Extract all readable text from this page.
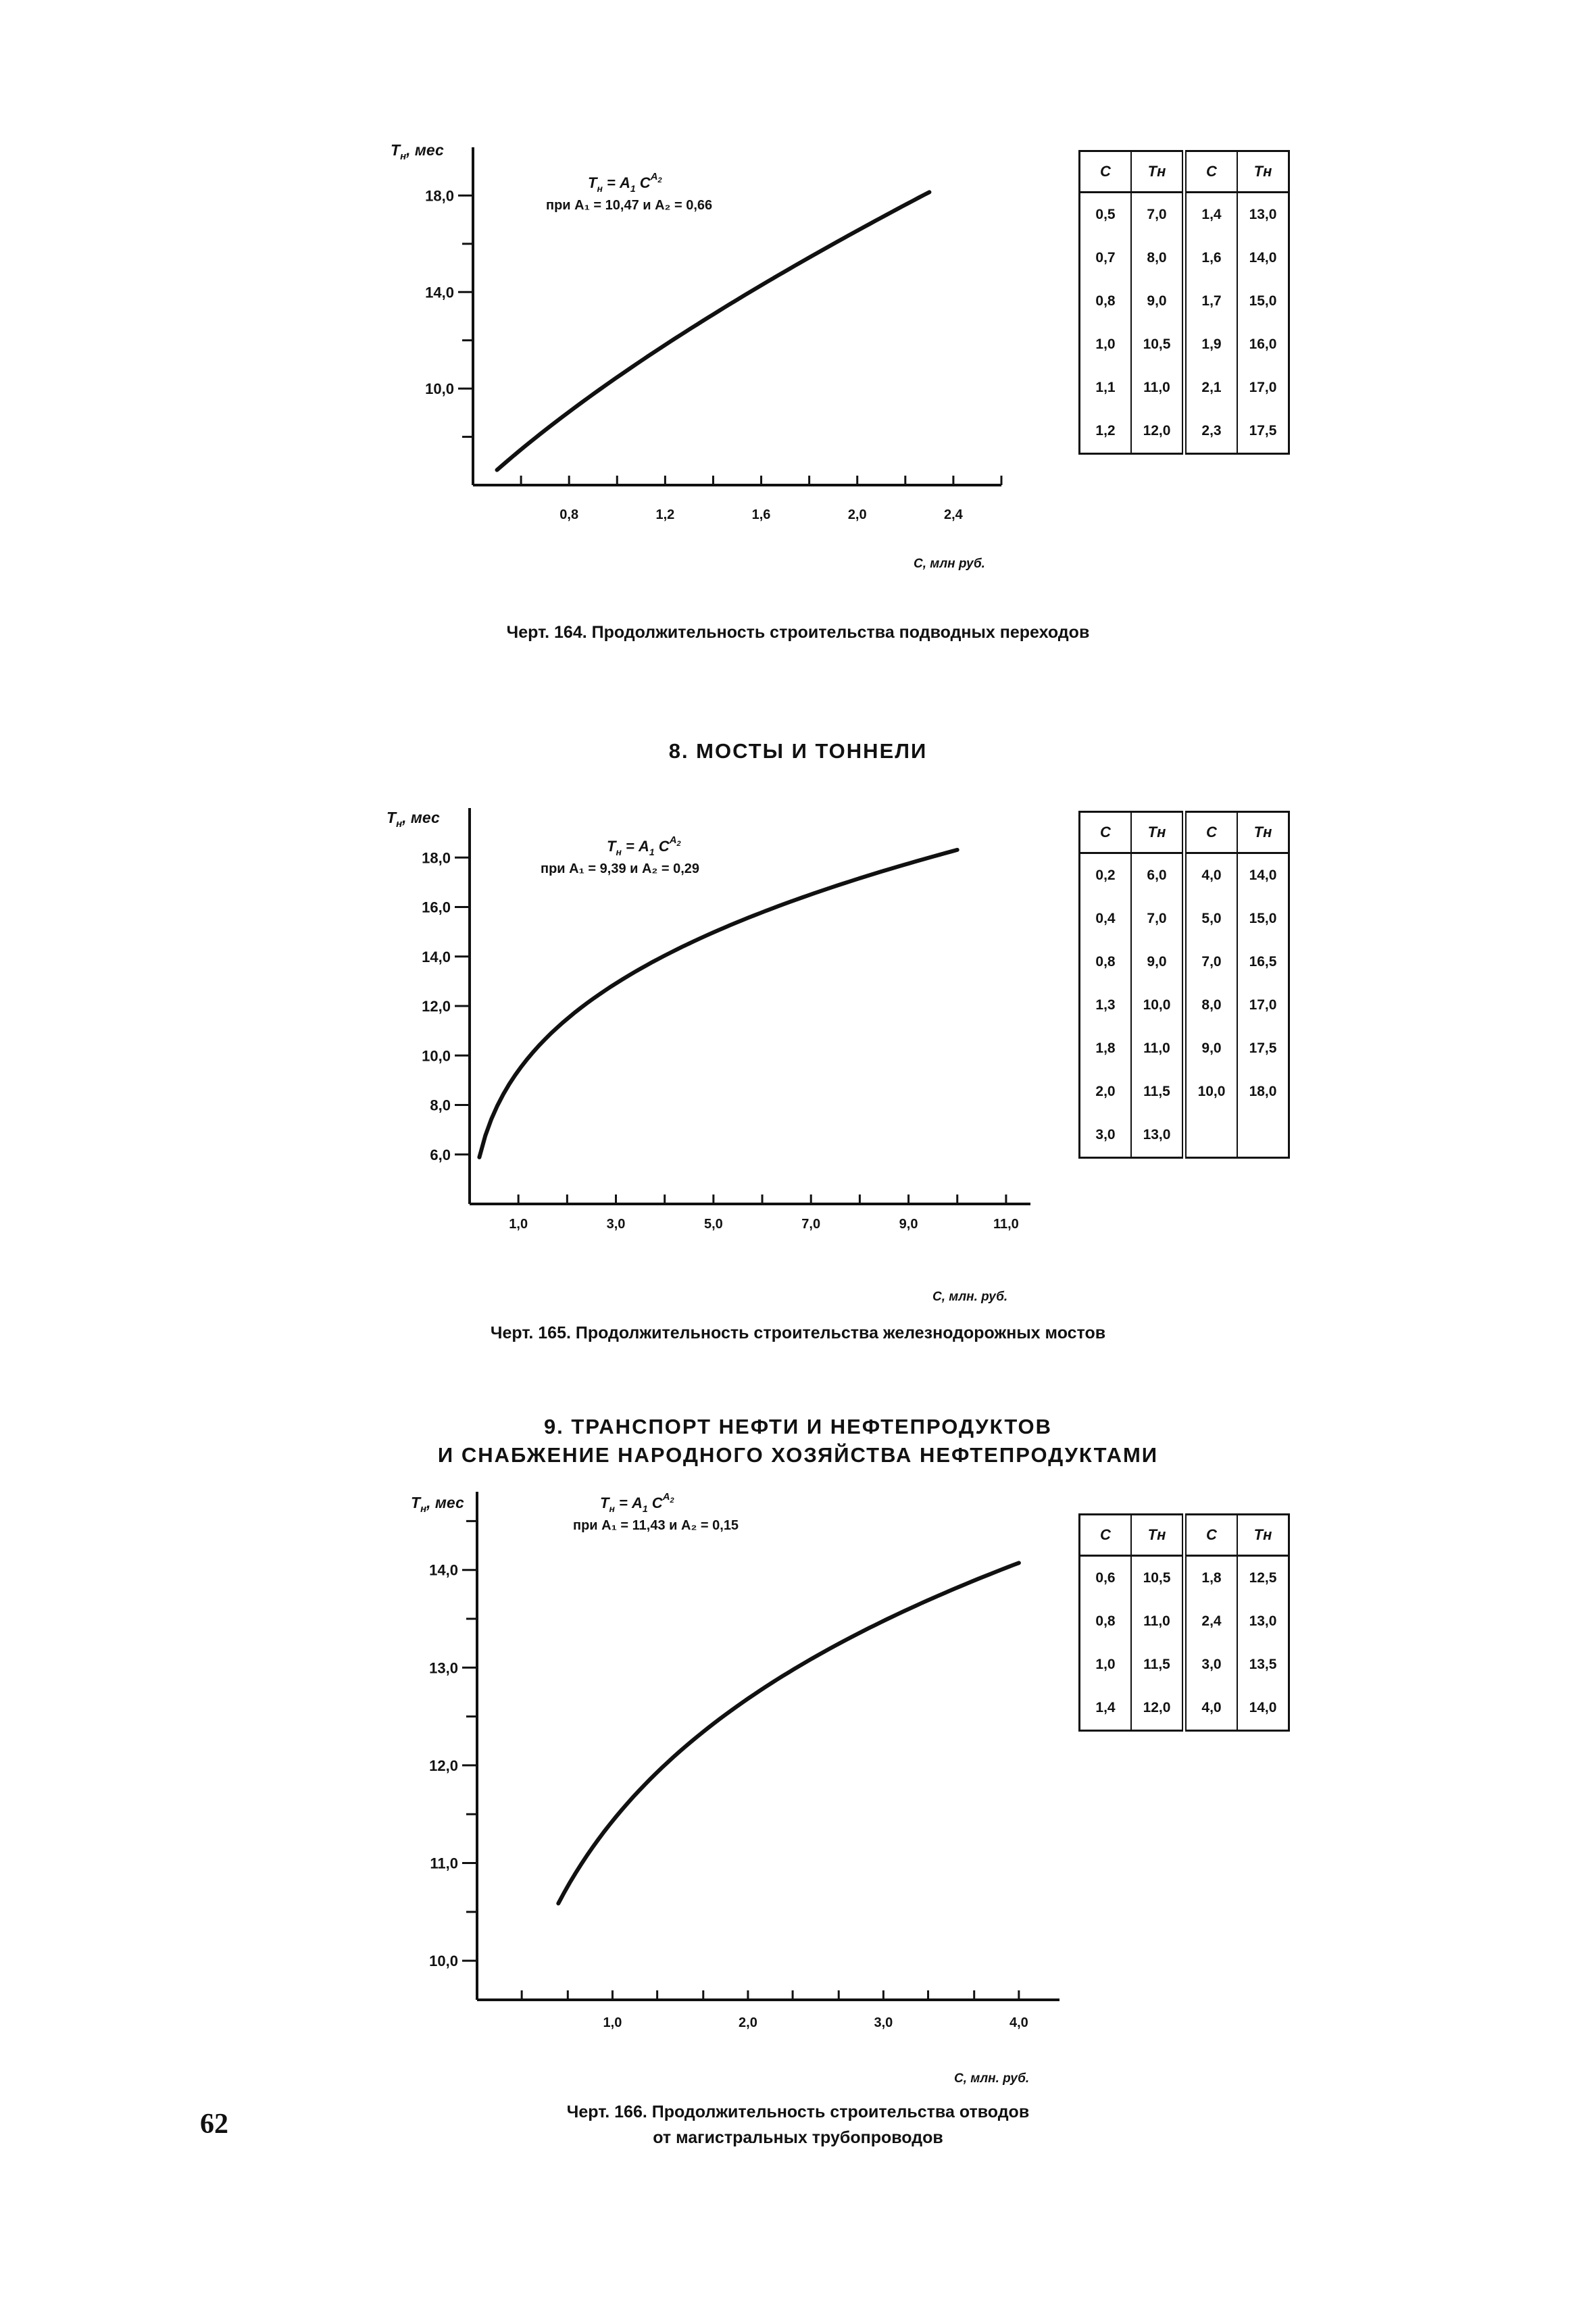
$Т_н$, мес
$Т_н = A_1$ $С^A2$
при A₁ = 10,47 и A₂ = 0,66
С, млн руб.
18,0
14,0
10,0
0,8	1,2	1,6	2,0	2,4
С	Тн	С	Тн
0,5	7,0	1,4	13,0
0,7	8,0	1,6	14,0
0,8	9,0	1,7	15,0
1,0	10,5	1,9	16,0
1,1	11,0	2,1	17,0
1,2	12,0	2,3	17,5
Черт. 164. Продолжительность строительства подводных переходов
8. МОСТЫ И ТОННЕЛИ
$Т_н$, мес
$Т_н = A_1$ $С^A2$
при A₁ = 9,39 и A₂ = 0,29
С, млн. руб.
18,0
16,0
14,0
12,0
10,0
8,0
6,0
1,0	3,0	5,0	7,0	9,0	11,0
С	Тн	С	Тн
0,2	6,0	4,0	14,0
0,4	7,0	5,0	15,0
0,8	9,0	7,0	16,5
1,3	10,0	8,0	17,0
1,8	11,0	9,0	17,5
2,0	11,5	10,0	18,0
3,0	13,0		
Черт. 165. Продолжительность строительства железнодорожных мостов
9. ТРАНСПОРТ НЕФТИ И НЕФТЕПРОДУКТОВ
И СНАБЖЕНИЕ НАРОДНОГО ХОЗЯЙСТВА НЕФТЕПРОДУКТАМИ
$Т_н$, мес	$Т_н = A_1$ $С^A2$
при A₁ = 11,43 и A₂ = 0,15
С, млн. руб.
14,0
13,0
12,0
11,0
10,0
1,0	2,0	3,0	4,0
С	Тн	С	Тн
0,6	10,5	1,8	12,5
0,8	11,0	2,4	13,0
1,0	11,5	3,0	13,5
1,4	12,0	4,0	14,0
Черт. 166. Продолжительность строительства отводов
от магистральных трубопроводов
62
